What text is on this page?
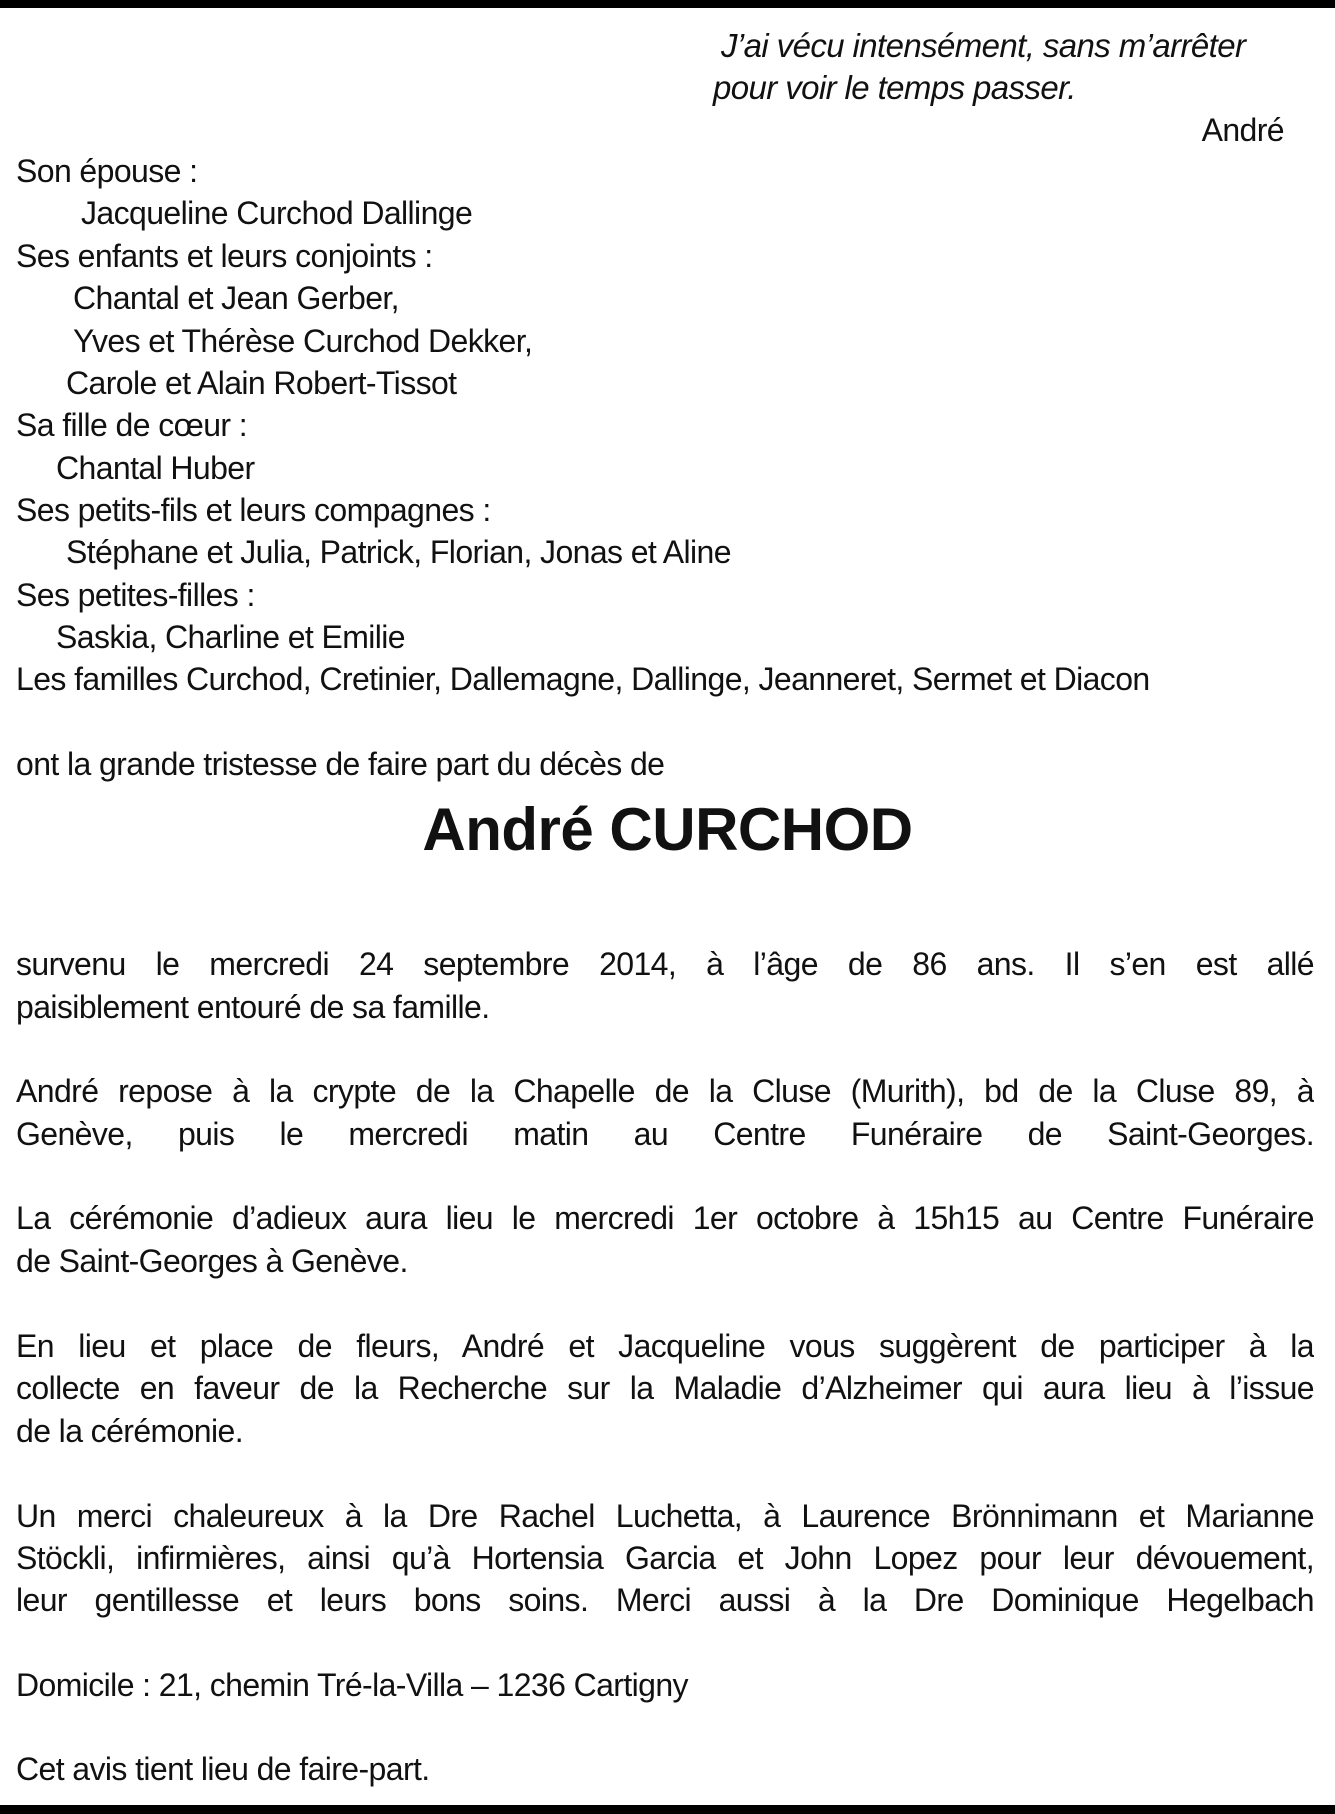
J’ai vécu intensément, sans m’arrêter
pour voir le temps passer.
André
Son épouse :
Jacqueline Curchod Dallinge
Ses enfants et leurs conjoints :
Chantal et Jean Gerber,
Yves et Thérèse Curchod Dekker,
Carole et Alain Robert-Tissot
Sa fille de cœur :
Chantal Huber
Ses petits-fils et leurs compagnes :
Stéphane et Julia, Patrick, Florian, Jonas et Aline
Ses petites-filles :
Saskia, Charline et Emilie
Les familles Curchod, Cretinier, Dallemagne, Dallinge, Jeanneret, Sermet et Diacon
ont la grande tristesse de faire part du décès de
André CURCHOD
survenu le mercredi 24 septembre 2014, à l’âge de 86 ans. Il s’en est allé
paisiblement entouré de sa famille.
André repose à la crypte de la Chapelle de la Cluse (Murith), bd de la Cluse 89, à
Genève, puis le mercredi matin au Centre Funéraire de Saint-Georges.
La cérémonie d’adieux aura lieu le mercredi 1er octobre à 15h15 au Centre Funéraire
de Saint-Georges à Genève.
En lieu et place de fleurs, André et Jacqueline vous suggèrent de participer à la
collecte en faveur de la Recherche sur la Maladie d’Alzheimer qui aura lieu à l’issue
de la cérémonie.
Un merci chaleureux à la Dre Rachel Luchetta, à Laurence Brönnimann et Marianne
Stöckli, infirmières, ainsi qu’à Hortensia Garcia et John Lopez pour leur dévouement,
leur gentillesse et leurs bons soins. Merci aussi à la Dre Dominique Hegelbach
Domicile : 21, chemin Tré-la-Villa – 1236 Cartigny
Cet avis tient lieu de faire-part.
